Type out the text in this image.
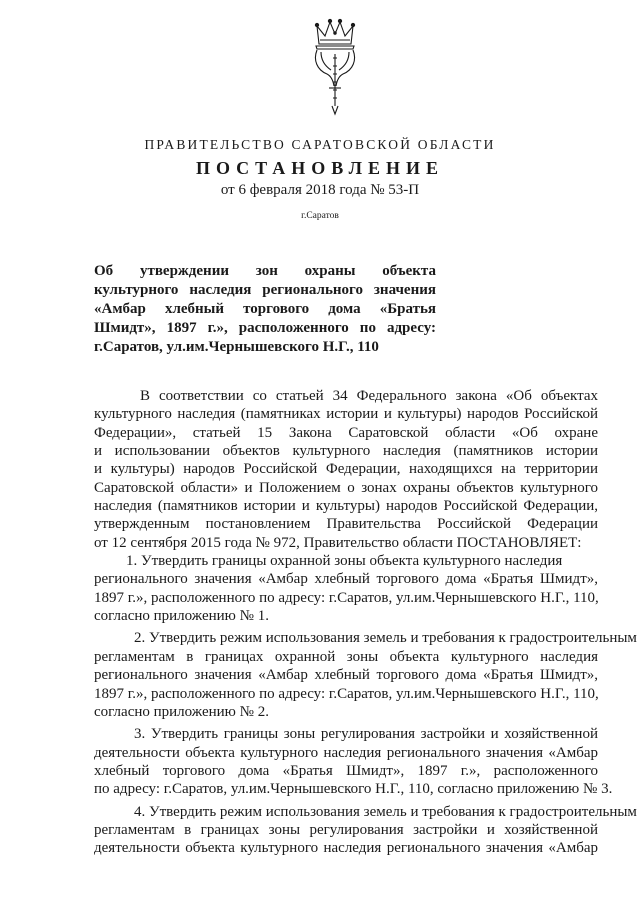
ПРАВИТЕЛЬСТВО САРАТОВСКОЙ ОБЛАСТИ
ПОСТАНОВЛЕНИЕ
от 6 февраля 2018 года № 53-П
г.Саратов
Об утверждении зон охраны объекта
культурного наследия регионального значения
«Амбар хлебный торгового дома «Братья
Шмидт», 1897 г.», расположенного по адресу:
г.Саратов, ул.им.Чернышевского Н.Г., 110
В соответствии со статьей 34 Федерального закона «Об объектах
культурного наследия (памятниках истории и культуры) народов Российской
Федерации», статьей 15 Закона Саратовской области «Об охране
и использовании объектов культурного наследия (памятников истории
и культуры) народов Российской Федерации, находящихся на территории
Саратовской области» и Положением о зонах охраны объектов культурного
наследия (памятников истории и культуры) народов Российской Федерации,
утвержденным постановлением Правительства Российской Федерации
от 12 сентября 2015 года № 972, Правительство области ПОСТАНОВЛЯЕТ:
1. Утвердить границы охранной зоны объекта культурного наследия
регионального значения «Амбар хлебный торгового дома «Братья Шмидт»,
1897 г.», расположенного по адресу: г.Саратов, ул.им.Чернышевского Н.Г., 110,
согласно приложению № 1.
2. Утвердить режим использования земель и требования к градостроительным
регламентам в границах охранной зоны объекта культурного наследия
регионального значения «Амбар хлебный торгового дома «Братья Шмидт»,
1897 г.», расположенного по адресу: г.Саратов, ул.им.Чернышевского Н.Г., 110,
согласно приложению № 2.
3. Утвердить границы зоны регулирования застройки и хозяйственной
деятельности объекта культурного наследия регионального значения «Амбар
хлебный торгового дома «Братья Шмидт», 1897 г.», расположенного
по адресу: г.Саратов, ул.им.Чернышевского Н.Г., 110, согласно приложению № 3.
4. Утвердить режим использования земель и требования к градостроительным
регламентам в границах зоны регулирования застройки и хозяйственной
деятельности объекта культурного наследия регионального значения «Амбар
